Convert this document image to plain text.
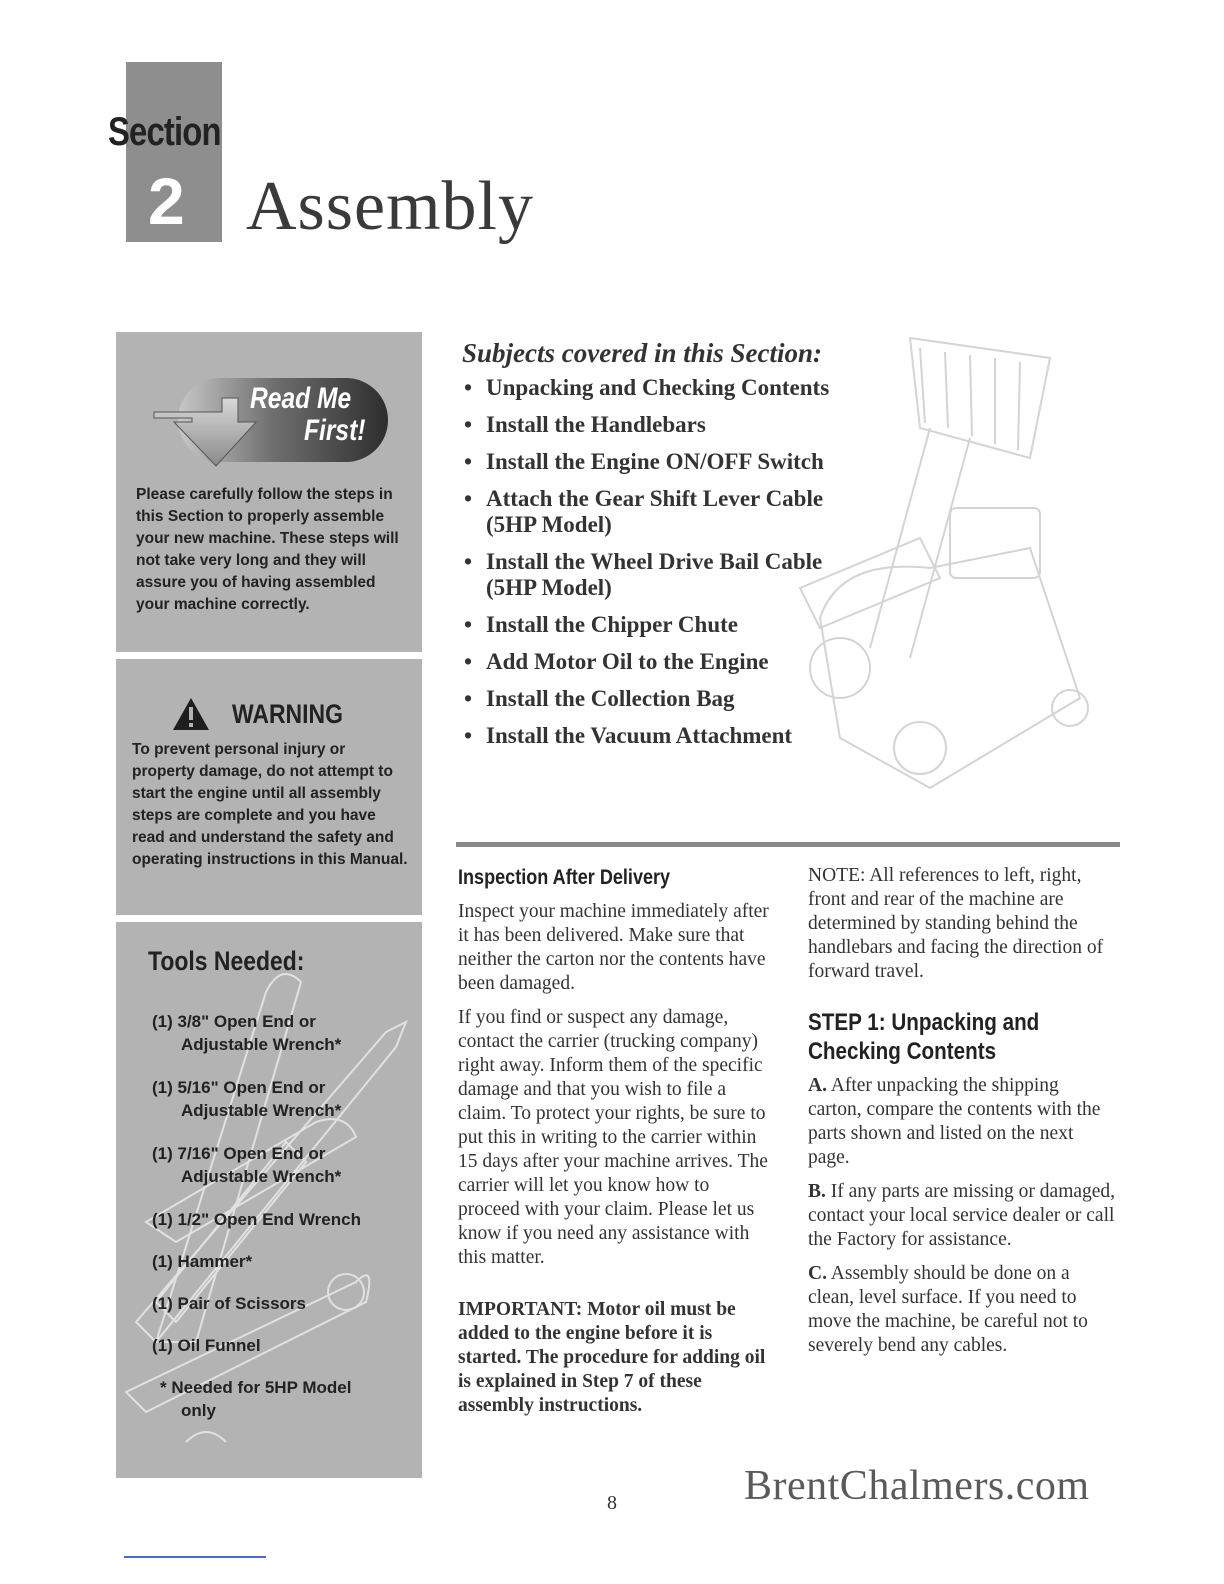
Section
2 Assembly
Read Me
First!
Please carefully follow the steps in this Section to properly assemble your new machine. These steps will not take very long and they will assure you of having assembled your machine correctly.
WARNING
To prevent personal injury or property damage, do not attempt to start the engine until all assembly steps are complete and you have read and understand the safety and operating instructions in this Manual.
Tools Needed:
(1) 3/8" Open End or
Adjustable Wrench*
(1) 5/16" Open End or
Adjustable Wrench*
(1) 7/16" Open End or
Adjustable Wrench*
(1) 1/2" Open End Wrench
(1) Hammer*
(1) Pair of Scissors
(1) Oil Funnel
* Needed for 5HP Model
only
Subjects covered in this Section:
• Unpacking and Checking Contents
• Install the Handlebars
• Install the Engine ON/OFF Switch
• Attach the Gear Shift Lever Cable
(5HP Model)
• Install the Wheel Drive Bail Cable
(5HP Model)
• Install the Chipper Chute
• Add Motor Oil to the Engine
• Install the Collection Bag
• Install the Vacuum Attachment
Inspection After Delivery

Inspect your machine immediately after it has been delivered. Make sure that neither the carton nor the contents have been damaged.

If you find or suspect any damage, contact the carrier (trucking company) right away. Inform them of the specific damage and that you wish to file a claim. To protect your rights, be sure to put this in writing to the carrier within 15 days after your machine arrives. The carrier will let you know how to proceed with your claim. Please let us know if you need any assistance with this matter.

IMPORTANT: Motor oil must be added to the engine before it is started. The procedure for adding oil is explained in Step 7 of these assembly instructions.

NOTE: All references to left, right, front and rear of the machine are determined by standing behind the handlebars and facing the direction of forward travel.

STEP 1: Unpacking and
Checking Contents

A. After unpacking the shipping carton, compare the contents with the parts shown and listed on the next page.

B. If any parts are missing or damaged, contact your local service dealer or call the Factory for assistance.

C. Assembly should be done on a clean, level surface. If you need to move the machine, be careful not to severely bend any cables.

8	BrentChalmers.com
